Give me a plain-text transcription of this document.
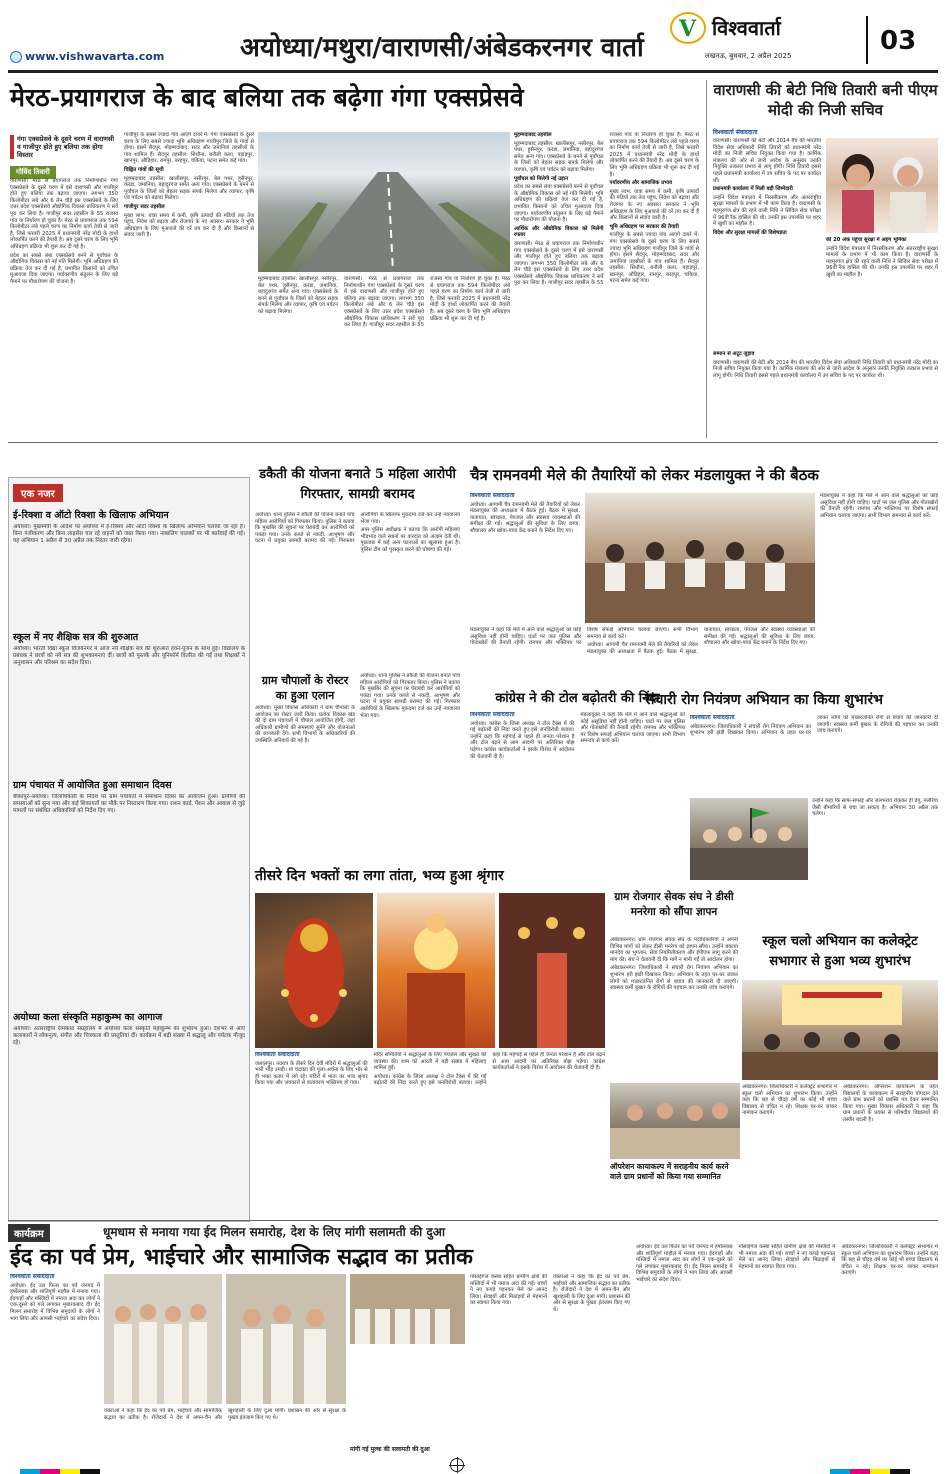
www.vishwavarta.com	अयोध्या/मथुरा/वाराणसी/अंबेडकरनगर वार्ता
V विश्ववार्ता
लखनऊ, बुधवार, 2 अप्रैल 2025	03
मेरठ-प्रयागराज के बाद बलिया तक बढ़ेगा गंगा एक्सप्रेसवे
गंगा एक्सप्रेसवे के दूसरे चरण में वाराणसी व गाजीपुर होते हुए बलिया तक होगा विस्तार
गोविंद तिवारी

वाराणसी। मेरठ से प्रयागराज तक निर्माणाधीन गंगा एक्सप्रेसवे के दूसरे चरण में इसे वाराणसी और गाजीपुर होते हुए बलिया तक बढ़ाया जाएगा। लगभग 350 किलोमीटर लंबे और 6 लेन चौड़े इस एक्सप्रेसवे के लिए उत्तर प्रदेश एक्सप्रेसवे औद्योगिक विकास प्राधिकरण ने सर्वे पूरा कर लिया है। गाजीपुर सदर तहसील के 55 राजस्व गांव या निर्धारण हो चुका है। मेरठ से प्रयागराज तक 594 किलोमीटर लंबे पहले चरण का निर्माण कार्य तेजी से जारी है, जिसे फरवरी 2025 में प्रधानमंत्री नरेंद्र मोदी के हाथों लोकार्पित करने की तैयारी है। अब दूसरे चरण के लिए भूमि अधिग्रहण प्रक्रिया भी शुरू कर दी गई है।

प्रदेश का सबसे लंबा एक्सप्रेसवे बनने से पूर्वांचल के औद्योगिक विकास को नई गति मिलेगी। भूमि अधिग्रहण की प्रक्रिया तेज कर दी गई है, प्रभावित किसानों को उचित मुआवजा दिया जाएगा। पर्यावरणीय संतुलन के लिए बड़े पैमाने पर पौधारोपण की योजना है।

गाजीपुर के सबसे ज्यादा गांव आएंगे दायरे में: गंगा एक्सप्रेसवे के दूसरे चरण के लिए सबसे ज्यादा भूमि अधिग्रहण गाजीपुर जिले के गांवों से होगा। इसमें सैदपुर, मोहम्मदाबाद, सदर और जमानियां तहसीलों के गांव शामिल हैं। सैदपुर तहसील: सिधौना, बनौली कला, पहाड़पुर, खानपुर, औड़िहार, रामपुर, बरहपुर, चकिया, पटना समेत कई गांव।

चिह्नित गांवों की सूची

मुहम्मदाबाद तहसील: खालीसपुर, नसीरपुर, बेल पथर, हुसैनपुर, करंडा, जमानिया, बहादुरगंज समेत अन्य गांव। एक्सप्रेसवे के बनने से पूर्वांचल के जिलों को बेहतर सड़क संपर्क मिलेगा और व्यापार, कृषि एवं पर्यटन को बढ़ावा मिलेगा।

गाजीपुर सदर तहसील

मुख्य लाभ: यात्रा समय में कमी, कृषि उत्पादों की मंडियों तक तेज पहुंच, निवेश को बढ़ावा और रोजगार के नए अवसर। सरकार ने भूमि अधिग्रहण के लिए मुआवजे की दरें तय कर दी हैं और किसानों से संवाद जारी है।

मुहम्मदाबाद तहसील: खालीसपुर, नसीरपुर, बेल पथर, हुसैनपुर, करंडा, जमानिया, बहादुरगंज समेत अन्य गांव। एक्सप्रेसवे के बनने से पूर्वांचल के जिलों को बेहतर सड़क संपर्क मिलेगा और व्यापार, कृषि एवं पर्यटन को बढ़ावा मिलेगा।

वाराणसी। मेरठ से प्रयागराज तक निर्माणाधीन गंगा एक्सप्रेसवे के दूसरे चरण में इसे वाराणसी और गाजीपुर होते हुए बलिया तक बढ़ाया जाएगा। लगभग 350 किलोमीटर लंबे और 6 लेन चौड़े इस एक्सप्रेसवे के लिए उत्तर प्रदेश एक्सप्रेसवे औद्योगिक विकास प्राधिकरण ने सर्वे पूरा कर लिया है। गाजीपुर सदर तहसील के 55 राजस्व गांव या निर्धारण हो चुका है। मेरठ से प्रयागराज तक 594 किलोमीटर लंबे पहले चरण का निर्माण कार्य तेजी से जारी है, जिसे फरवरी 2025 में प्रधानमंत्री नरेंद्र मोदी के हाथों लोकार्पित करने की तैयारी है। अब दूसरे चरण के लिए भूमि अधिग्रहण प्रक्रिया भी शुरू कर दी गई है।

मुहम्मदाबाद तहसील

मुहम्मदाबाद तहसील: खालीसपुर, नसीरपुर, बेल पथर, हुसैनपुर, करंडा, जमानिया, बहादुरगंज समेत अन्य गांव। एक्सप्रेसवे के बनने से पूर्वांचल के जिलों को बेहतर सड़क संपर्क मिलेगा और व्यापार, कृषि एवं पर्यटन को बढ़ावा मिलेगा।

पूर्वांचल को मिलेगी नई उड़ान

प्रदेश का सबसे लंबा एक्सप्रेसवे बनने से पूर्वांचल के औद्योगिक विकास को नई गति मिलेगी। भूमि अधिग्रहण की प्रक्रिया तेज कर दी गई है, प्रभावित किसानों को उचित मुआवजा दिया जाएगा। पर्यावरणीय संतुलन के लिए बड़े पैमाने पर पौधारोपण की योजना है।

आर्थिक और औद्योगिक विकास को मिलेगी रफ्तार

वाराणसी। मेरठ से प्रयागराज तक निर्माणाधीन गंगा एक्सप्रेसवे के दूसरे चरण में इसे वाराणसी और गाजीपुर होते हुए बलिया तक बढ़ाया जाएगा। लगभग 350 किलोमीटर लंबे और 6 लेन चौड़े इस एक्सप्रेसवे के लिए उत्तर प्रदेश एक्सप्रेसवे औद्योगिक विकास प्राधिकरण ने सर्वे पूरा कर लिया है। गाजीपुर सदर तहसील के 55 राजस्व गांव या निर्धारण हो चुका है। मेरठ से प्रयागराज तक 594 किलोमीटर लंबे पहले चरण का निर्माण कार्य तेजी से जारी है, जिसे फरवरी 2025 में प्रधानमंत्री नरेंद्र मोदी के हाथों लोकार्पित करने की तैयारी है। अब दूसरे चरण के लिए भूमि अधिग्रहण प्रक्रिया भी शुरू कर दी गई है।

पर्यावरणीय और सामाजिक प्रभाव

मुख्य लाभ: यात्रा समय में कमी, कृषि उत्पादों की मंडियों तक तेज पहुंच, निवेश को बढ़ावा और रोजगार के नए अवसर। सरकार ने भूमि अधिग्रहण के लिए मुआवजे की दरें तय कर दी हैं और किसानों से संवाद जारी है।

भूमि अधिग्रहण पर सरकार की तैयारी

गाजीपुर के सबसे ज्यादा गांव आएंगे दायरे में: गंगा एक्सप्रेसवे के दूसरे चरण के लिए सबसे ज्यादा भूमि अधिग्रहण गाजीपुर जिले के गांवों से होगा। इसमें सैदपुर, मोहम्मदाबाद, सदर और जमानियां तहसीलों के गांव शामिल हैं। सैदपुर तहसील: सिधौना, बनौली कला, पहाड़पुर, खानपुर, औड़िहार, रामपुर, बरहपुर, चकिया, पटना समेत कई गांव।

वाराणसी की बेटी निधि तिवारी बनी पीएम मोदी की निजी सचिव
विश्ववार्ता संवाददाता

वाराणसी। वाराणसी की बेटी और 2014 बैच की भारतीय विदेश सेवा अधिकारी निधि तिवारी को प्रधानमंत्री नरेंद्र मोदी का निजी सचिव नियुक्त किया गया है। कार्मिक मंत्रालय की ओर से जारी आदेश के अनुसार उनकी नियुक्ति तत्काल प्रभाव से लागू होगी। निधि तिवारी इससे पहले प्रधानमंत्री कार्यालय में उप सचिव के पद पर कार्यरत थीं।

प्रधानमंत्री कार्यालय में मिली बड़ी जिम्मेदारी

उन्होंने विदेश मंत्रालय में निरस्त्रीकरण और अंतरराष्ट्रीय सुरक्षा मामलों के प्रभाग में भी काम किया है। वाराणसी के महमूरगंज क्षेत्र की रहने वाली निधि ने सिविल सेवा परीक्षा में 96वीं रैंक हासिल की थी। उनकी इस उपलब्धि पर शहर में खुशी का माहौल है।

विदेश और सुरक्षा मामलों की विशेषज्ञता

की 20 अंक पहुंचा सुरक्षा में अहम भूमिका

उन्होंने विदेश मंत्रालय में निरस्त्रीकरण और अंतरराष्ट्रीय सुरक्षा मामलों के प्रभाग में भी काम किया है। वाराणसी के महमूरगंज क्षेत्र की रहने वाली निधि ने सिविल सेवा परीक्षा में 96वीं रैंक हासिल की थी। उनकी इस उपलब्धि पर शहर में खुशी का माहौल है।

सम्मान से अटूट जुड़ाव

वाराणसी। वाराणसी की बेटी और 2014 बैच की भारतीय विदेश सेवा अधिकारी निधि तिवारी को प्रधानमंत्री नरेंद्र मोदी का निजी सचिव नियुक्त किया गया है। कार्मिक मंत्रालय की ओर से जारी आदेश के अनुसार उनकी नियुक्ति तत्काल प्रभाव से लागू होगी। निधि तिवारी इससे पहले प्रधानमंत्री कार्यालय में उप सचिव के पद पर कार्यरत थीं।

एक नजर
ई-रिक्शा व ऑटो रिक्शा के खिलाफ अभियान
अयोध्या। मुख्यमंत्री के आदेश पर अयोध्या में ई-रिक्शा और ऑटो रिक्शा के खिलाफ अभियान चलाया जा रहा है। बिना पंजीकरण और बिना लाइसेंस चल रहे वाहनों को जब्त किया गया। नाबालिग चालकों पर भी कार्रवाई की गई। यह अभियान 1 अप्रैल से 30 अप्रैल तक निरंतर जारी रहेगा।
स्कूल में नए शैक्षिक सत्र की शुरुआत
अयोध्या। भारती विद्या स्कूल विजयनगर में आज नये शैक्षिक सत्र की शुरुआत हवन-पूजन के साथ हुई। विद्यालय के प्रबंधक ने छात्रों को नये सत्र की शुभकामनाएं दीं। छात्रों को पुस्तकें और यूनिफॉर्म वितरित की गईं तथा शिक्षकों ने अनुशासन और परिश्रम का संदेश दिया।
ग्राम पंचायत में आयोजित हुआ समाधान दिवस
बीकापुर-अयोध्या। जिलाधिकारी के निर्देश पर ग्राम पंचायतों में समाधान दिवस का आयोजन हुआ। ग्रामीणों की समस्याओं को सुना गया और कई शिकायतों का मौके पर निस्तारण किया गया। राशन कार्ड, पेंशन और आवास से जुड़े मामलों पर संबंधित अधिकारियों को निर्देश दिए गए।
अयोध्या कला संस्कृति महाकुम्भ का आगाज
अयोध्या। अंतरराष्ट्रीय रामकथा संग्रहालय में अयोध्या कला संस्कृति महाकुम्भ का शुभारंभ हुआ। देशभर से आए कलाकारों ने लोकनृत्य, संगीत और चित्रकला की प्रस्तुतियां दीं। कार्यक्रम में बड़ी संख्या में श्रद्धालु और पर्यटक मौजूद रहे।
डकैती की योजना बनाते 5 महिला आरोपी गिरफ्तार, सामग्री बरामद

अयोध्या। थाना पुलिस ने डकैती की योजना बनाते पांच महिला आरोपियों को गिरफ्तार किया। पुलिस ने बताया कि मुखबिर की सूचना पर घेराबंदी कर आरोपियों को पकड़ा गया। उनके कब्जे से नकदी, आभूषण और घटना में प्रयुक्त सामग्री बरामद की गई। गिरफ्तार आरोपियों के खिलाफ मुकदमा दर्ज कर उन्हें न्यायालय भेजा गया।

अपर पुलिस अधीक्षक ने बताया कि आरोपी महिलाएं भीड़भाड़ वाले स्थानों पर वारदात को अंजाम देती थीं। पूछताछ में कई अन्य घटनाओं का खुलासा हुआ है। पुलिस टीम को पुरस्कृत करने की घोषणा की गई।

ग्राम चौपालों के रोस्टर का हुआ एलान
अयोध्या। मुख्य विकास अधिकारी ने ग्राम चौपालों के आयोजन का रोस्टर जारी किया। प्रत्येक विकास खंड की दो ग्राम पंचायतों में चौपाल आयोजित होगी, जहां अधिकारी ग्रामीणों की समस्याएं सुनेंगे और योजनाओं की जानकारी देंगे। सभी विभागों के अधिकारियों की उपस्थिति अनिवार्य की गई है।
अयोध्या। थाना पुलिस ने डकैती की योजना बनाते पांच महिला आरोपियों को गिरफ्तार किया। पुलिस ने बताया कि मुखबिर की सूचना पर घेराबंदी कर आरोपियों को पकड़ा गया। उनके कब्जे से नकदी, आभूषण और घटना में प्रयुक्त सामग्री बरामद की गई। गिरफ्तार आरोपियों के खिलाफ मुकदमा दर्ज कर उन्हें न्यायालय भेजा गया।
चैत्र रामनवमी मेले की तैयारियों को लेकर मंडलायुक्त ने की बैठक
विश्ववार्ता संवाददाता

अयोध्या। आगामी चैत्र रामनवमी मेले की तैयारियों को लेकर मंडलायुक्त की अध्यक्षता में बैठक हुई। बैठक में सुरक्षा, यातायात, स्वच्छता, पेयजल और स्वास्थ्य व्यवस्थाओं की समीक्षा की गई। श्रद्धालुओं की सुविधा के लिए छाया, शौचालय और खोया-पाया केंद्र बनाने के निर्देश दिए गए।

मंडलायुक्त ने कहा कि मेले में आने वाले श्रद्धालुओं को कोई असुविधा नहीं होनी चाहिए। घाटों पर जल पुलिस और गोताखोरों की तैनाती रहेगी। रामपथ और भक्तिपथ पर विशेष सफाई अभियान चलाया जाएगा। सभी विभाग समन्वय से कार्य करें।

मंडलायुक्त ने कहा कि मेले में आने वाले श्रद्धालुओं को कोई असुविधा नहीं होनी चाहिए। घाटों पर जल पुलिस और गोताखोरों की तैनाती रहेगी। रामपथ और भक्तिपथ पर विशेष सफाई अभियान चलाया जाएगा। सभी विभाग समन्वय से कार्य करें।

अयोध्या। आगामी चैत्र रामनवमी मेले की तैयारियों को लेकर मंडलायुक्त की अध्यक्षता में बैठक हुई। बैठक में सुरक्षा, यातायात, स्वच्छता, पेयजल और स्वास्थ्य व्यवस्थाओं की समीक्षा की गई। श्रद्धालुओं की सुविधा के लिए छाया, शौचालय और खोया-पाया केंद्र बनाने के निर्देश दिए गए।

कांग्रेस ने की टोल बढ़ोतरी की निंदा
विश्ववार्ता संवाददाता

अयोध्या। कांग्रेस के जिला अध्यक्ष ने टोल टैक्स में की गई बढ़ोतरी की निंदा करते हुए इसे जनविरोधी बताया। उन्होंने कहा कि महंगाई से पहले ही जनता परेशान है और टोल बढ़ने से आम आदमी पर अतिरिक्त बोझ पड़ेगा। कांग्रेस कार्यकर्ताओं ने इसके विरोध में आंदोलन की चेतावनी दी है।

मंडलायुक्त ने कहा कि मेले में आने वाले श्रद्धालुओं को कोई असुविधा नहीं होनी चाहिए। घाटों पर जल पुलिस और गोताखोरों की तैनाती रहेगी। रामपथ और भक्तिपथ पर विशेष सफाई अभियान चलाया जाएगा। सभी विभाग समन्वय से कार्य करें।

संचारी रोग नियंत्रण अभियान का किया शुभारंभ
विश्ववार्ता संवाददाता

अंबेडकरनगर। जिलाधिकारी ने संचारी रोग नियंत्रण अभियान का शुभारंभ हरी झंडी दिखाकर किया। अभियान के तहत घर-घर जाकर लोगों को मच्छरजनित रोगों से बचाव की जानकारी दी जाएगी। स्वास्थ्य कर्मी बुखार के रोगियों की पहचान कर उनकी जांच कराएंगे।

उन्होंने कहा कि साफ-सफाई और जलभराव रोककर ही डेंगू, मलेरिया जैसी बीमारियों से बचा जा सकता है। अभियान 30 अप्रैल तक चलेगा।
तीसरे दिन भक्तों का लगा तांता, भव्य हुआ श्रृंगार
विश्ववार्ता संवाददाता

जलालपुर। नवरात्र के तीसरे दिन देवी मंदिरों में श्रद्धालुओं की भारी भीड़ उमड़ी। मां चंद्रघंटा की पूजा-अर्चना के लिए भोर से ही भक्त कतार में लगे रहे। मंदिरों में माता का भव्य श्रृंगार किया गया और जयकारों से वातावरण भक्तिमय हो गया।

मंदिर समितियों ने श्रद्धालुओं के लिए पेयजल और सुरक्षा की व्यवस्था की। शाम को आरती में बड़ी संख्या में महिलाएं शामिल हुईं।

अयोध्या। कांग्रेस के जिला अध्यक्ष ने टोल टैक्स में की गई बढ़ोतरी की निंदा करते हुए इसे जनविरोधी बताया। उन्होंने कहा कि महंगाई से पहले ही जनता परेशान है और टोल बढ़ने से आम आदमी पर अतिरिक्त बोझ पड़ेगा। कांग्रेस कार्यकर्ताओं ने इसके विरोध में आंदोलन की चेतावनी दी है।

ग्राम रोजगार सेवक संघ ने डीसी मनरेगा को सौंपा ज्ञापन

अंबेडकरनगर। ग्राम रोजगार सेवक संघ के पदाधिकारियों ने अपनी विभिन्न मांगों को लेकर डीसी मनरेगा को ज्ञापन सौंपा। उन्होंने बकाया मानदेय का भुगतान, सेवा नियमितीकरण और ईपीएफ लागू करने की मांग की। संघ ने चेतावनी दी कि मांगें न मानी गईं तो आंदोलन होगा।

अंबेडकरनगर। जिलाधिकारी ने संचारी रोग नियंत्रण अभियान का शुभारंभ हरी झंडी दिखाकर किया। अभियान के तहत घर-घर जाकर लोगों को मच्छरजनित रोगों से बचाव की जानकारी दी जाएगी। स्वास्थ्य कर्मी बुखार के रोगियों की पहचान कर उनकी जांच कराएंगे।

स्कूल चलो अभियान का कलेक्ट्रेट सभागार से हुआ भव्य शुभारंभ
ऑपरेशन कायाकल्प में सराहनीय कार्य करने वाले ग्राम प्रधानों को किया गया सम्मानित

अंबेडकरनगर। जिलाधिकारी ने कलेक्ट्रेट सभागार में स्कूल चलो अभियान का शुभारंभ किया। उन्होंने कहा कि छह से चौदह वर्ष का कोई भी बच्चा विद्यालय से वंचित न रहे। शिक्षक घर-घर जाकर नामांकन कराएंगे।

अंबेडकरनगर। ऑपरेशन कायाकल्प के तहत विद्यालयों के कायाकल्प में सराहनीय योगदान देने वाले ग्राम प्रधानों को प्रशस्ति पत्र देकर सम्मानित किया गया। मुख्य विकास अधिकारी ने कहा कि ग्राम प्रधानों के प्रयास से परिषदीय विद्यालयों की तस्वीर बदली है।

कार्यक्रम	धूमधाम से मनाया गया ईद मिलन समारोह, देश के लिए मांगी सलामती की दुआ
ईद का पर्व प्रेम, भाईचारे और सामाजिक सद्भाव का प्रतीक
विश्ववार्ता संवाददाता

अयोध्या। ईद उल फितर का पर्व जनपद में हर्षोल्लास और शांतिपूर्ण माहौल में मनाया गया। ईदगाहों और मस्जिदों में नमाज अदा कर लोगों ने एक-दूसरे को गले लगाकर मुबारकबाद दी। ईद मिलन समारोह में विभिन्न समुदायों के लोगों ने भाग लिया और आपसी भाईचारे का संदेश दिया।

वक्ताओं ने कहा कि ईद का पर्व प्रेम, भाईचारे और सामाजिक सद्भाव का प्रतीक है। रोजेदारों ने देश में अमन-चैन और खुशहाली के लिए दुआ मांगी। प्रशासन की ओर से सुरक्षा के पुख्ता इंतजाम किए गए थे।

मांगी गई मुल्क की सलामती की दुआ

गोसाईगंज कस्बा सहित ग्रामीण क्षेत्रों की मस्जिदों में भी नमाज अदा की गई। बच्चों ने नए कपड़े पहनकर मेले का आनंद लिया। सेवइयों और मिठाइयों से मेहमानों का स्वागत किया गया।

वक्ताओं ने कहा कि ईद का पर्व प्रेम, भाईचारे और सामाजिक सद्भाव का प्रतीक है। रोजेदारों ने देश में अमन-चैन और खुशहाली के लिए दुआ मांगी। प्रशासन की ओर से सुरक्षा के पुख्ता इंतजाम किए गए थे।

अयोध्या। ईद उल फितर का पर्व जनपद में हर्षोल्लास और शांतिपूर्ण माहौल में मनाया गया। ईदगाहों और मस्जिदों में नमाज अदा कर लोगों ने एक-दूसरे को गले लगाकर मुबारकबाद दी। ईद मिलन समारोह में विभिन्न समुदायों के लोगों ने भाग लिया और आपसी भाईचारे का संदेश दिया।

गोसाईगंज कस्बा सहित ग्रामीण क्षेत्रों की मस्जिदों में भी नमाज अदा की गई। बच्चों ने नए कपड़े पहनकर मेले का आनंद लिया। सेवइयों और मिठाइयों से मेहमानों का स्वागत किया गया।

अंबेडकरनगर। जिलाधिकारी ने कलेक्ट्रेट सभागार में स्कूल चलो अभियान का शुभारंभ किया। उन्होंने कहा कि छह से चौदह वर्ष का कोई भी बच्चा विद्यालय से वंचित न रहे। शिक्षक घर-घर जाकर नामांकन कराएंगे।
